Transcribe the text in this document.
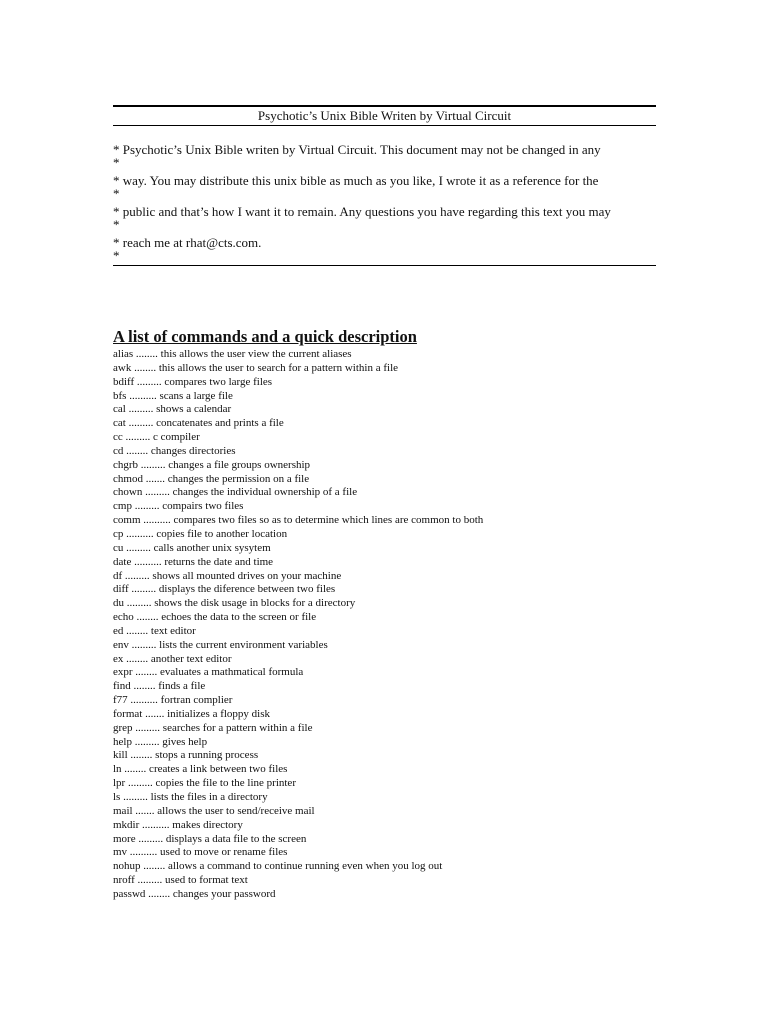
Psychotic’s Unix Bible Writen by Virtual Circuit
* Psychotic’s Unix Bible writen by Virtual Circuit. This document may not be changed in any
*
* way. You may distribute this unix bible as much as you like, I wrote it as a reference for the
*
* public and that’s how I want it to remain. Any questions you have regarding this text you may
*
* reach me at rhat@cts.com.
*
A list of commands and a quick description
alias ........ this allows the user view the current aliases
awk ........ this allows the user to search for a pattern within a file
bdiff ......... compares two large files
bfs .......... scans a large file
cal ......... shows a calendar
cat ......... concatenates and prints a file
cc ......... c compiler
cd ........ changes directories
chgrb ......... changes a file groups ownership
chmod ....... changes the permission on a file
chown ......... changes the individual ownership of a file
cmp ......... compairs two files
comm .......... compares two files so as to determine which lines are common to both
cp .......... copies file to another location
cu ......... calls another unix sysytem
date .......... returns the date and time
df ......... shows all mounted drives on your machine
diff ......... displays the diference between two files
du ......... shows the disk usage in blocks for a directory
echo ........ echoes the data to the screen or file
ed ........ text editor
env ......... lists the current environment variables
ex ........ another text editor
expr ........ evaluates a mathmatical formula
find ........ finds a file
f77 .......... fortran complier
format ....... initializes a floppy disk
grep ......... searches for a pattern within a file
help ......... gives help
kill ........ stops a running process
ln ........ creates a link between two files
lpr ......... copies the file to the line printer
ls ......... lists the files in a directory
mail ....... allows the user to send/receive mail
mkdir .......... makes directory
more ......... displays a data file to the screen
mv .......... used to move or rename files
nohup ........ allows a command to continue running even when you log out
nroff ......... used to format text
passwd ........ changes your password
